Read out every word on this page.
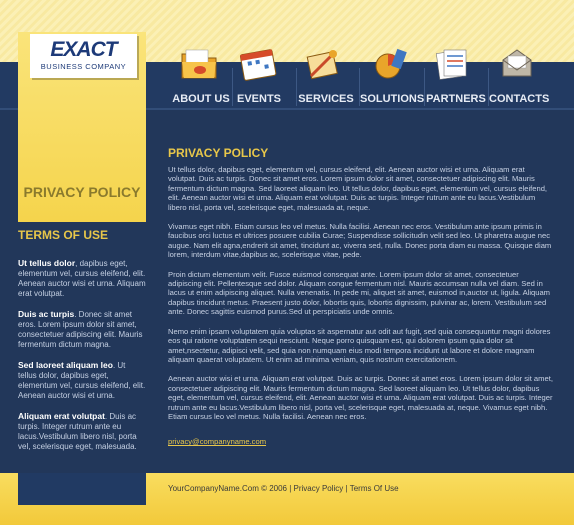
EXACT
BUSINESS COMPANY
ABOUT US EVENTS	SERVICES SOLUTIONS PARTNERS CONTACTS
PRIVACY POLICY
TERMS OF USE
Ut tellus dolor, dapibus eget, elementum vel, cursus eleifend, elit. Aenean auctor wisi et urna. Aliquam erat volutpat.
Duis ac turpis. Donec sit amet eros. Lorem ipsum dolor sit amet, consectetuer adipiscing elit. Mauris fermentum dictum magna.
Sed laoreet aliquam leo. Ut tellus dolor, dapibus eget, elementum vel, cursus eleifend, elit. Aenean auctor wisi et urna.
Aliquam erat volutpat. Duis ac turpis. Integer rutrum ante eu lacus.Vestibulum libero nisl, porta vel, scelerisque eget, malesuada.
PRIVACY POLICY

Ut tellus dolor, dapibus eget, elementum vel, cursus eleifend, elit. Aenean auctor wisi et urna. Aliquam erat volutpat. Duis ac turpis. Donec sit amet eros. Lorem ipsum dolor sit amet, consectetuer adipiscing elit. Mauris fermentum dictum magna. Sed laoreet aliquam leo. Ut tellus dolor, dapibus eget, elementum vel, cursus eleifend, elit. Aenean auctor wisi et urna. Aliquam erat volutpat. Duis ac turpis. Integer rutrum ante eu lacus.Vestibulum libero nisl, porta vel, scelerisque eget, malesuada at, neque.

Vivamus eget nibh. Etiam cursus leo vel metus. Nulla facilisi. Aenean nec eros. Vestibulum ante ipsum primis in faucibus orci luctus et ultrices posuere cubilia Curae; Suspendisse sollicitudin velit sed leo. Ut pharetra augue nec augue. Nam elit agna,endrerit sit amet, tincidunt ac, viverra sed, nulla. Donec porta diam eu massa. Quisque diam lorem, interdum vitae,dapibus ac, scelerisque vitae, pede.

Proin dictum elementum velit. Fusce euismod consequat ante. Lorem ipsum dolor sit amet, consectetuer adipiscing elit. Pellentesque sed dolor. Aliquam congue fermentum nisl. Mauris accumsan nulla vel diam. Sed in lacus ut enim adipiscing aliquet. Nulla venenatis. In pede mi, aliquet sit amet, euismod in,auctor ut, ligula. Aliquam dapibus tincidunt metus. Praesent justo dolor, lobortis quis, lobortis dignissim, pulvinar ac, lorem. Vestibulum sed ante. Donec sagittis euismod purus.Sed ut perspiciatis unde omnis.

Nemo enim ipsam voluptatem quia voluptas sit aspernatur aut odit aut fugit, sed quia consequuntur magni dolores eos qui ratione voluptatem sequi nesciunt. Neque porro quisquam est, qui dolorem ipsum quia dolor sit amet,nsectetur, adipisci velit, sed quia non numquam eius modi tempora incidunt ut labore et dolore magnam aliquam quaerat voluptatem. Ut enim ad minima veniam, quis nostrum exercitationem.

Aenean auctor wisi et urna. Aliquam erat volutpat. Duis ac turpis. Donec sit amet eros. Lorem ipsum dolor sit amet, consectetuer adipiscing elit. Mauris fermentum dictum magna. Sed laoreet aliquam leo. Ut tellus dolor, dapibus eget, elementum vel, cursus eleifend, elit. Aenean auctor wisi et urna. Aliquam erat volutpat. Duis ac turpis. Integer rutrum ante eu lacus.Vestibulum libero nisl, porta vel, scelerisque eget, malesuada at, neque. Vivamus eget nibh. Etiam cursus leo vel metus. Nulla facilisi. Aenean nec eros.

privacy@companyname.com
YourCompanyName.Com © 2006 | Privacy Policy | Terms Of Use
